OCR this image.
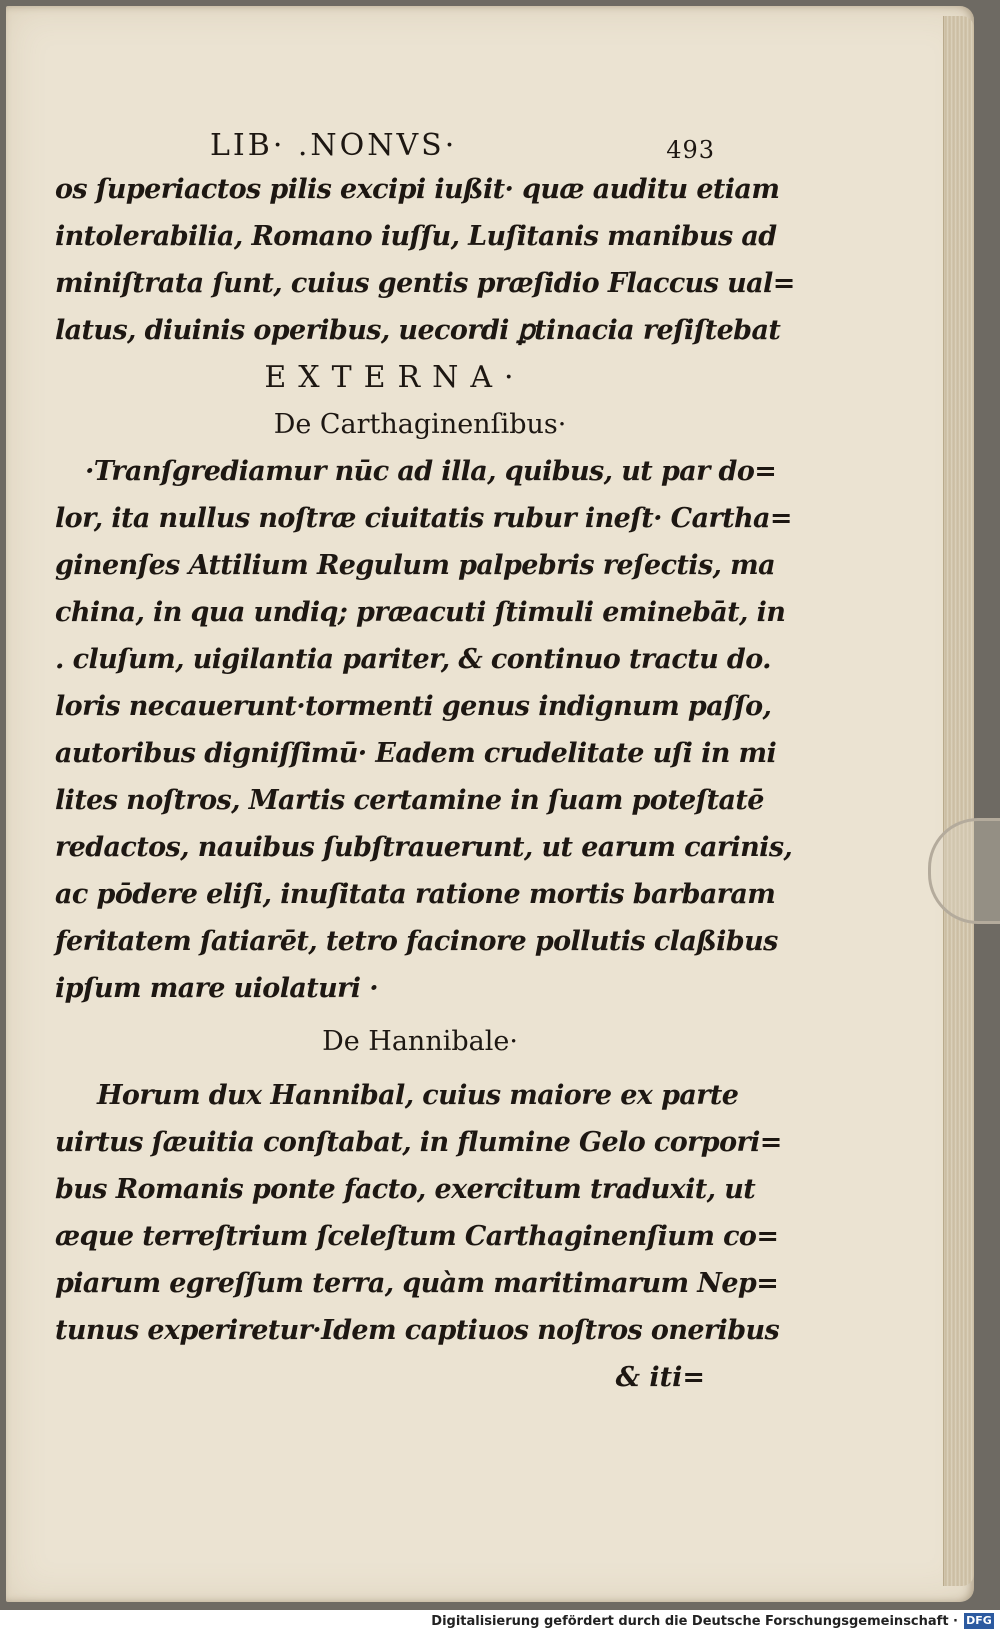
LIB· .NONVS·	493
os ſuperiactos pilis excipi iußit· quæ auditu etiam
intolerabilia, Romano iuſſu, Luſitanis manibus ad
miniſtrata ſunt, cuius gentis præſidio Flaccus ual=
latus, diuinis operibus, uecordi ꝑtinacia reſiſtebat
EXTERNA·
De Carthaginenſibus·
·Tranſgrediamur nūc ad illa, quibus, ut par do=
lor, ita nullus noſtræ ciuitatis rubur ineſt· Cartha=
ginenſes Attilium Regulum palpebris reſectis, ma
china, in qua undiq; præacuti ſtimuli eminebāt, in
. cluſum, uigilantia pariter, & continuo tractu do.
loris necauerunt·tormenti genus indignum paſſo,
autoribus digniſſimū· Eadem crudelitate uſi in mi
lites noſtros, Martis certamine in ſuam poteſtatē
redactos, nauibus ſubſtrauerunt, ut earum carinis,
ac pōdere eliſi, inuſitata ratione mortis barbaram
feritatem ſatiarēt, tetro facinore pollutis claßibus
ipſum mare uiolaturi ·
De Hannibale·
Horum dux Hannibal, cuius maiore ex parte
uirtus ſæuitia conſtabat, in flumine Gelo corpori=
bus Romanis ponte facto, exercitum traduxit, ut
æque terreſtrium ſceleſtum Carthaginenſium co=
piarum egreſſum terra, quàm maritimarum Nep=
tunus experiretur·Idem captiuos noſtros oneribus
& iti=
Digitalisierung gefördert durch die Deutsche Forschungsgemeinschaft · DFG
